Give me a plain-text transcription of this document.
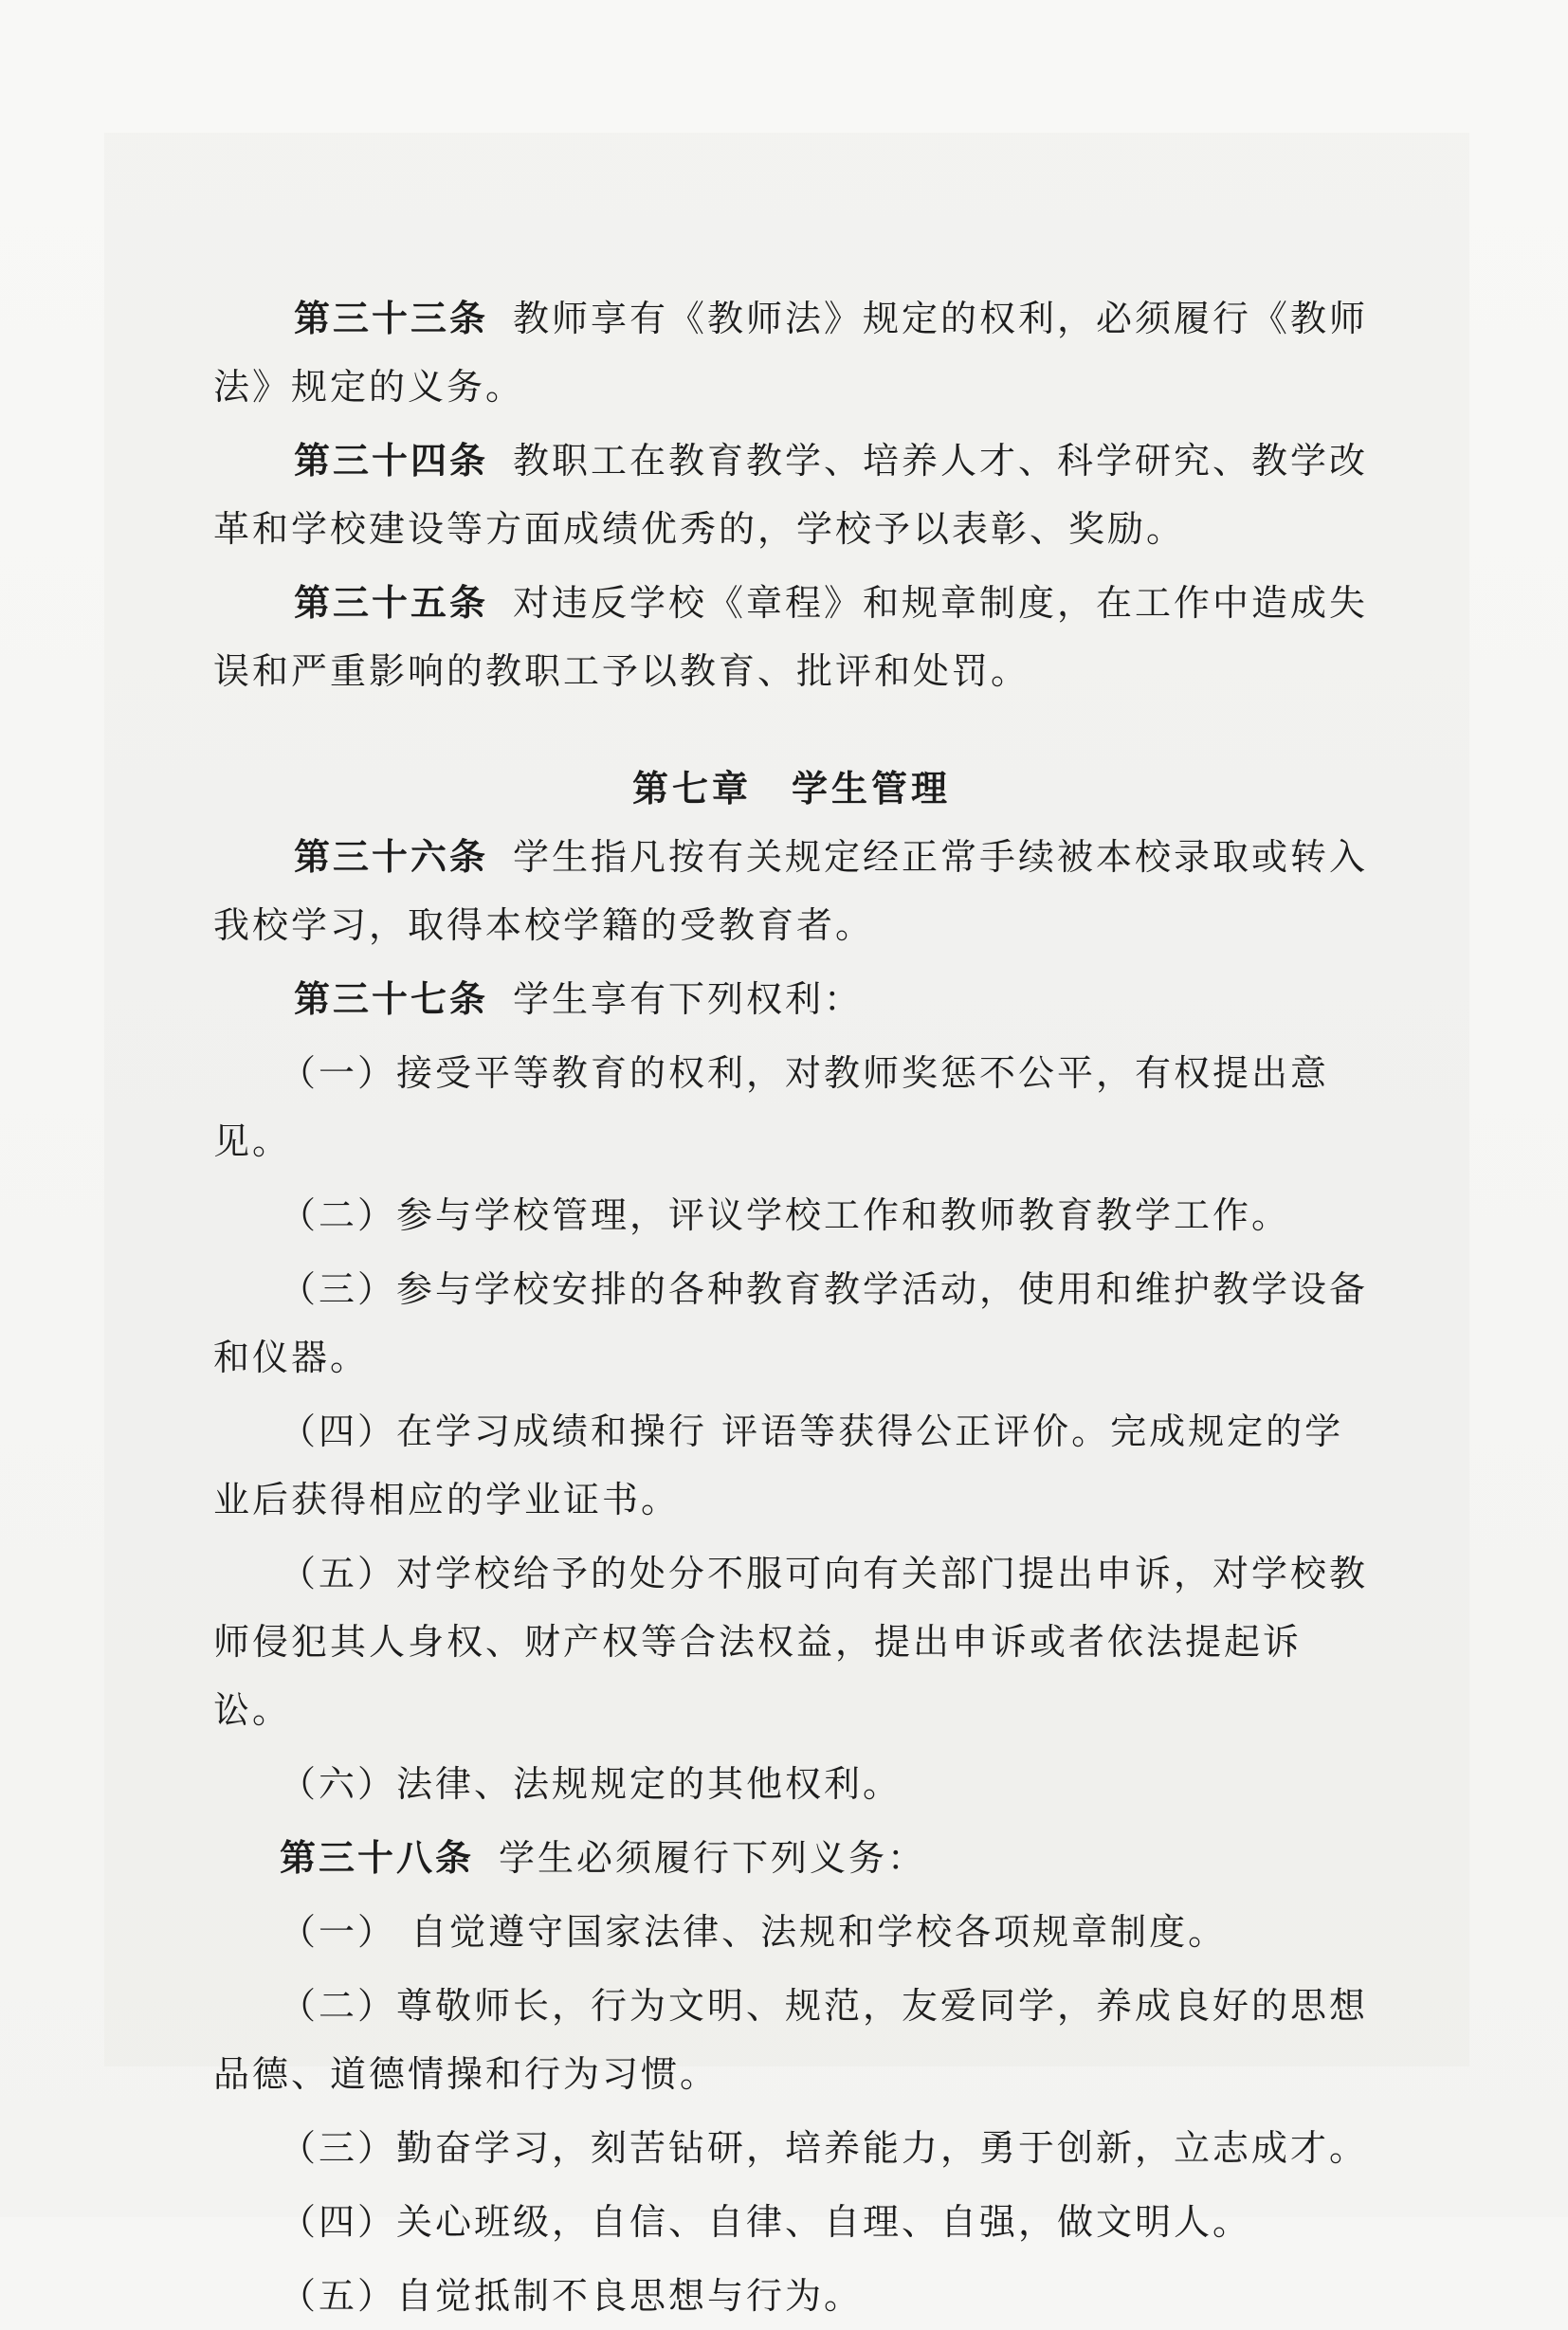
第三十三条 教师享有《教师法》规定的权利，必须履行《教师法》规定的义务。

第三十四条 教职工在教育教学、培养人才、科学研究、教学改革和学校建设等方面成绩优秀的，学校予以表彰、奖励。

第三十五条 对违反学校《章程》和规章制度，在工作中造成失误和严重影响的教职工予以教育、批评和处罚。

第七章　学生管理

第三十六条 学生指凡按有关规定经正常手续被本校录取或转入我校学习，取得本校学籍的受教育者。

第三十七条 学生享有下列权利：

（一）接受平等教育的权利，对教师奖惩不公平，有权提出意见。

（二）参与学校管理，评议学校工作和教师教育教学工作。

（三）参与学校安排的各种教育教学活动，使用和维护教学设备和仪器。

（四）在学习成绩和操行 评语等获得公正评价。完成规定的学业后获得相应的学业证书。

（五）对学校给予的处分不服可向有关部门提出申诉，对学校教师侵犯其人身权、财产权等合法权益，提出申诉或者依法提起诉讼。

（六）法律、法规规定的其他权利。

第三十八条 学生必须履行下列义务：

（一） 自觉遵守国家法律、法规和学校各项规章制度。

（二）尊敬师长，行为文明、规范，友爱同学，养成良好的思想品德、道德情操和行为习惯。

（三）勤奋学习，刻苦钻研，培养能力，勇于创新，立志成才。

（四）关心班级，自信、自律、自理、自强，做文明人。

（五）自觉抵制不良思想与行为。
